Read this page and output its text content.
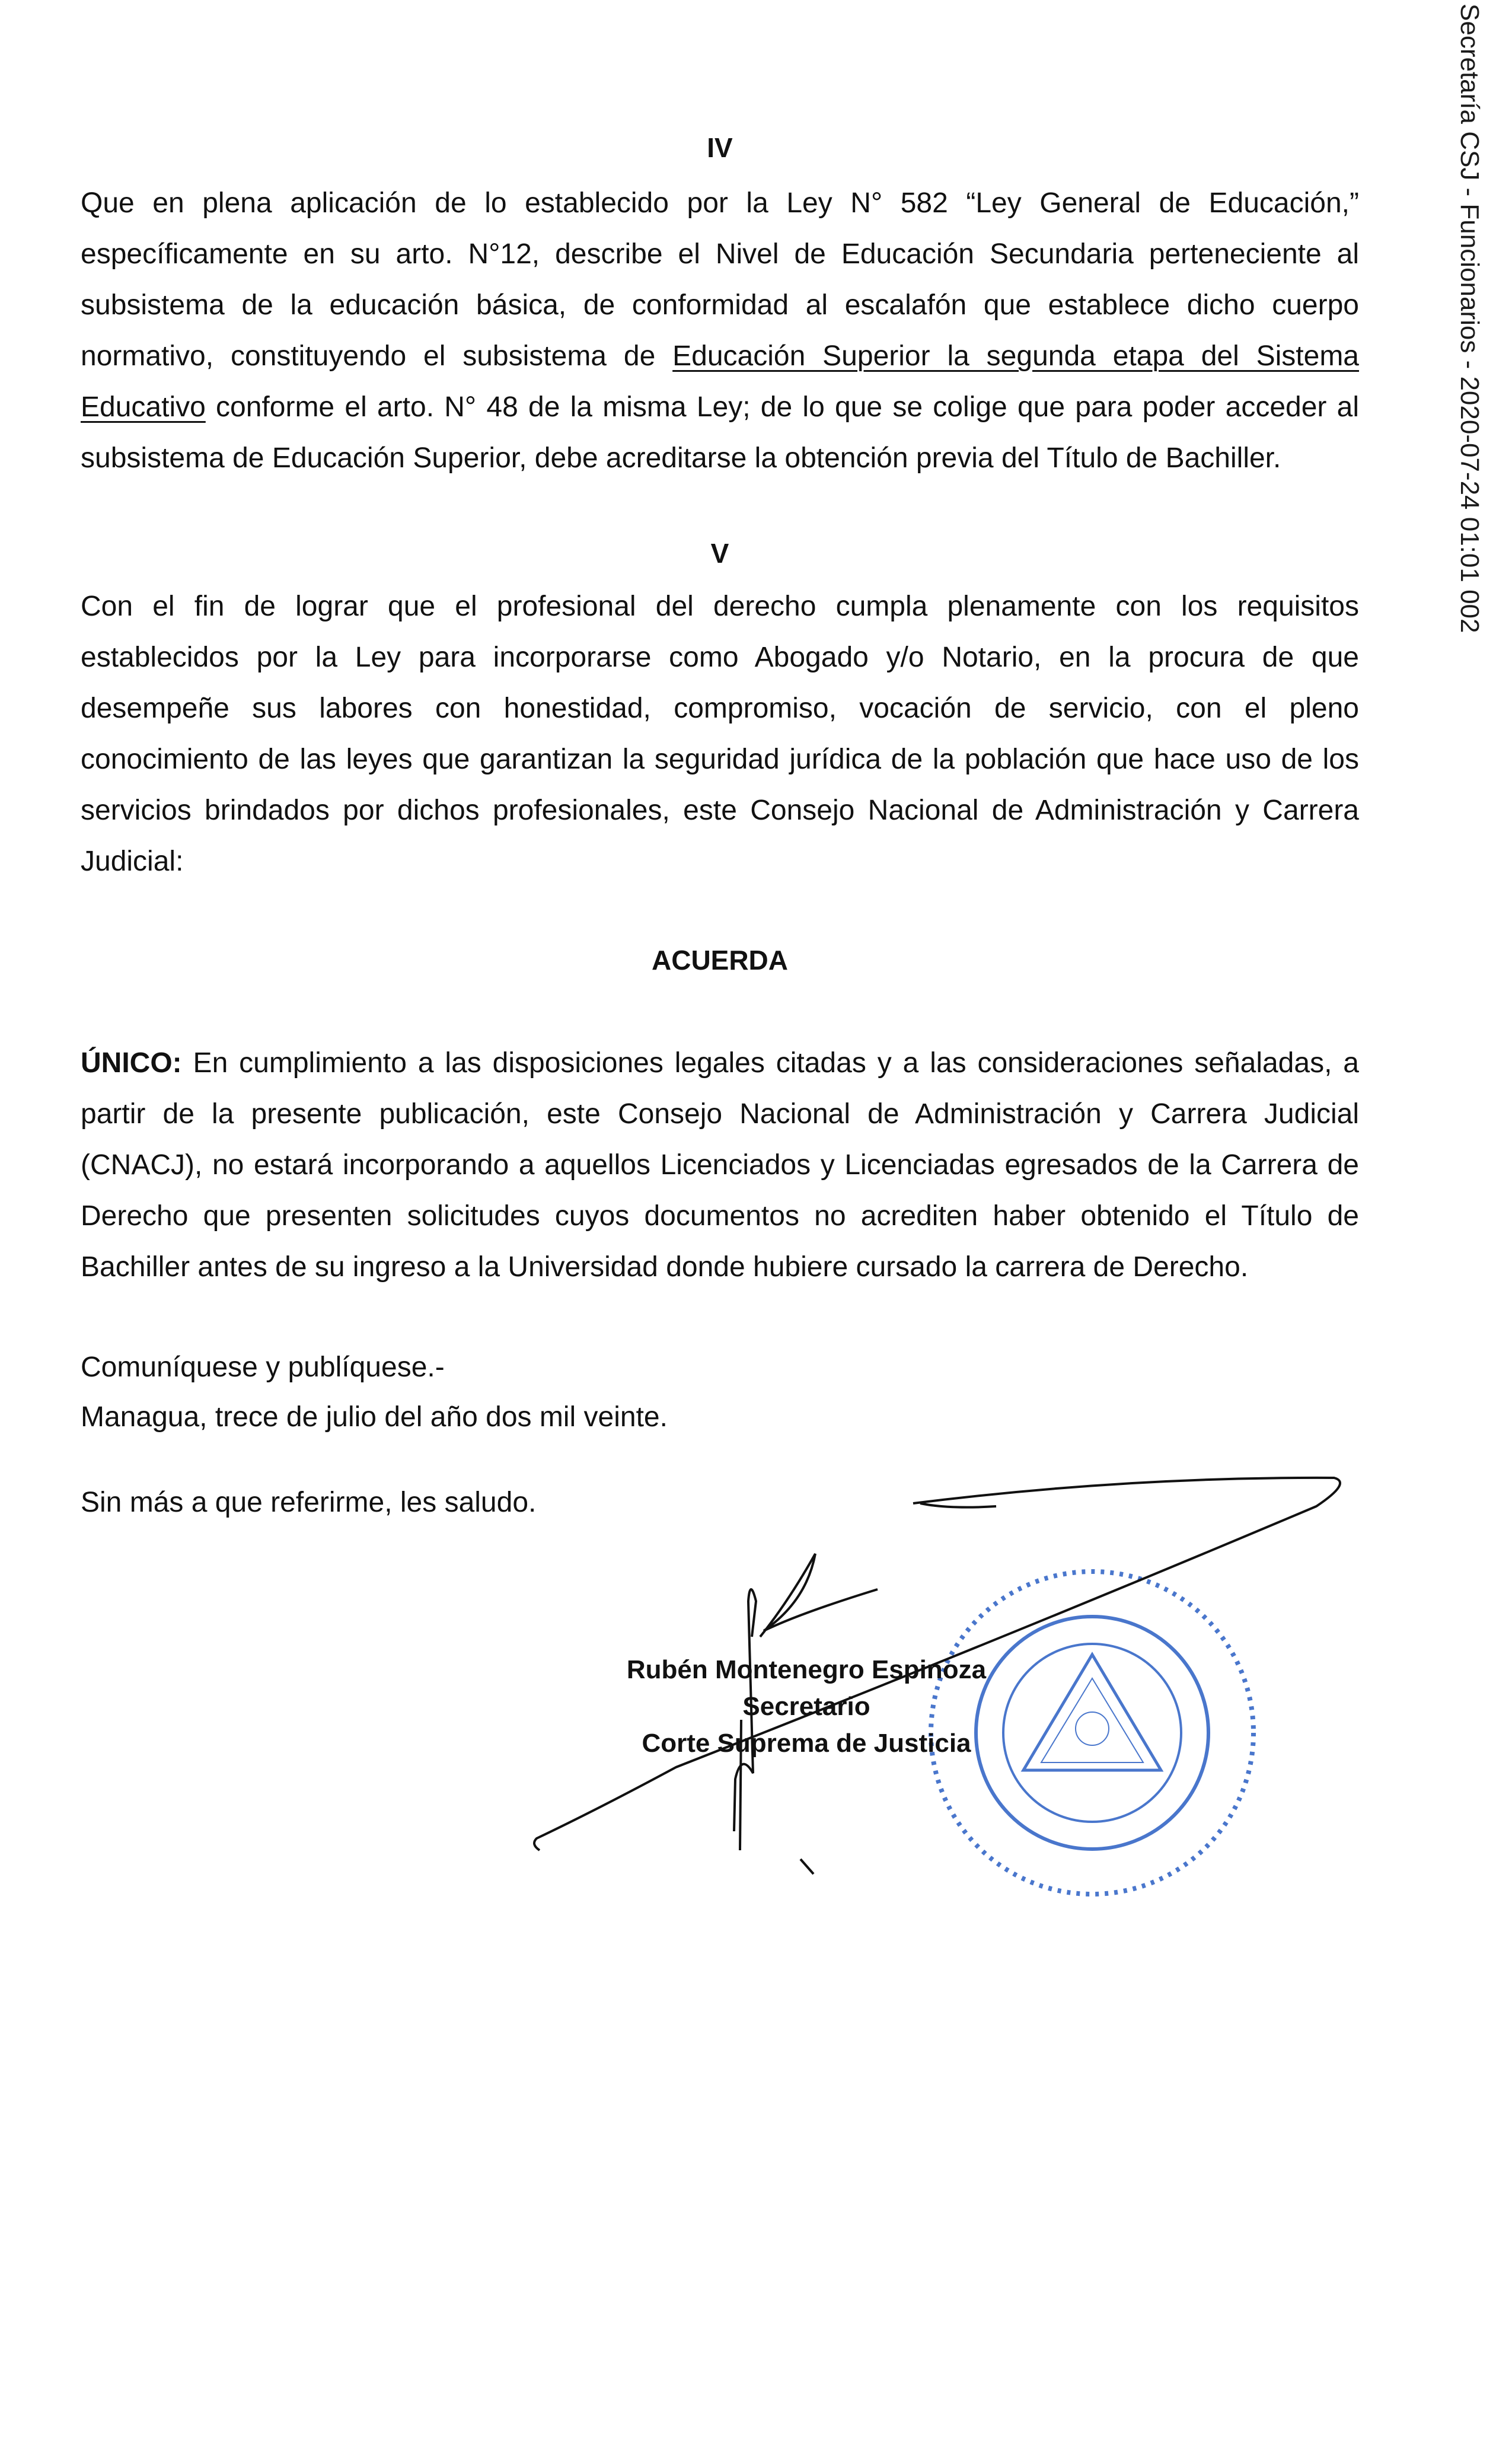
Secretaría CSJ - Funcionarios - 2020-07-24 01:01 002
IV

Que en plena aplicación de lo establecido por la Ley N° 582 “Ley General de Educación,” específicamente en su arto. N°12, describe el Nivel de Educación Secundaria perteneciente al subsistema de la educación básica, de conformidad al escalafón que establece dicho cuerpo normativo, constituyendo el subsistema de Educación Superior la segunda etapa del Sistema Educativo conforme el arto. N° 48 de la misma Ley; de lo que se colige que para poder acceder al subsistema de Educación Superior, debe acreditarse la obtención previa del Título de Bachiller.

V

Con el fin de lograr que el profesional del derecho cumpla plenamente con los requisitos establecidos por la Ley para incorporarse como Abogado y/o Notario, en la procura de que desempeñe sus labores con honestidad, compromiso, vocación de servicio, con el pleno conocimiento de las leyes que garantizan la seguridad jurídica de la población que hace uso de los servicios brindados por dichos profesionales, este Consejo Nacional de Administración y Carrera Judicial:

ACUERDA

ÚNICO: En cumplimiento a las disposiciones legales citadas y a las consideraciones señaladas, a partir de la presente publicación, este Consejo Nacional de Administración y Carrera Judicial (CNACJ), no estará incorporando a aquellos Licenciados y Licenciadas egresados de la Carrera de Derecho que presenten solicitudes cuyos documentos no acrediten haber obtenido el Título de Bachiller antes de su ingreso a la Universidad donde hubiere cursado la carrera de Derecho.

Comuníquese y publíquese.-
Managua, trece de julio del año dos mil veinte.
Sin más a que referirme, les saludo.
Rubén Montenegro Espinoza
Secretario
Corte Suprema de Justicia
